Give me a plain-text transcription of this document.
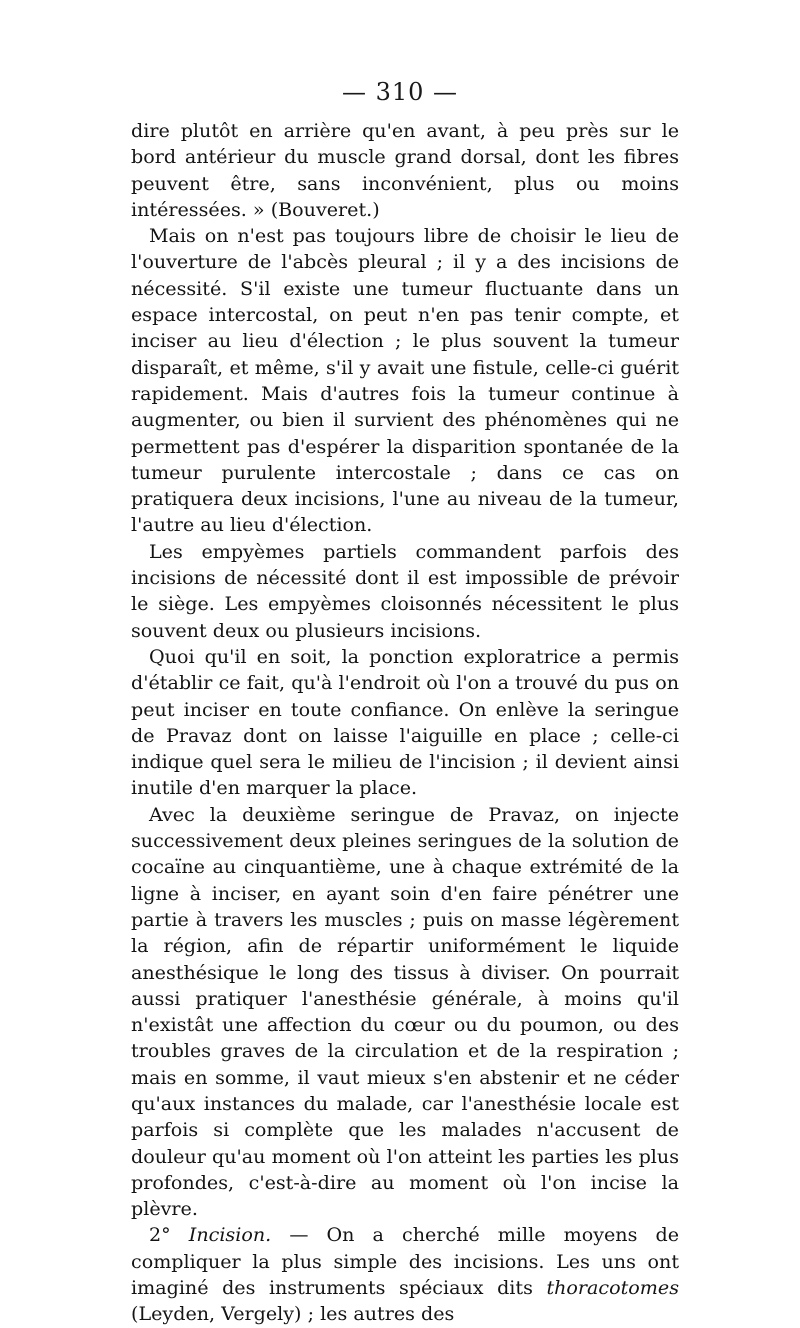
— 310 —

dire plutôt en arrière qu'en avant, à peu près sur le bord antérieur du muscle grand dorsal, dont les fibres peuvent être, sans inconvénient, plus ou moins intéressées. » (Bouveret.)

Mais on n'est pas toujours libre de choisir le lieu de l'ouverture de l'abcès pleural ; il y a des incisions de nécessité. S'il existe une tumeur fluctuante dans un espace intercostal, on peut n'en pas tenir compte, et inciser au lieu d'élection ; le plus souvent la tumeur disparaît, et même, s'il y avait une fistule, celle-ci guérit rapidement. Mais d'autres fois la tumeur continue à augmenter, ou bien il survient des phénomènes qui ne permettent pas d'espérer la disparition spontanée de la tumeur purulente intercostale ; dans ce cas on pratiquera deux incisions, l'une au niveau de la tumeur, l'autre au lieu d'élection.

Les empyèmes partiels commandent parfois des incisions de nécessité dont il est impossible de prévoir le siège. Les empyèmes cloisonnés nécessitent le plus souvent deux ou plusieurs incisions.

Quoi qu'il en soit, la ponction exploratrice a permis d'établir ce fait, qu'à l'endroit où l'on a trouvé du pus on peut inciser en toute confiance. On enlève la seringue de Pravaz dont on laisse l'aiguille en place ; celle-ci indique quel sera le milieu de l'incision ; il devient ainsi inutile d'en marquer la place.

Avec la deuxième seringue de Pravaz, on injecte successivement deux pleines seringues de la solution de cocaïne au cinquantième, une à chaque extrémité de la ligne à inciser, en ayant soin d'en faire pénétrer une partie à travers les muscles ; puis on masse légèrement la région, afin de répartir uniformément le liquide anesthésique le long des tissus à diviser. On pourrait aussi pratiquer l'anesthésie générale, à moins qu'il n'existât une affection du cœur ou du poumon, ou des troubles graves de la circulation et de la respiration ; mais en somme, il vaut mieux s'en abstenir et ne céder qu'aux instances du malade, car l'anesthésie locale est parfois si complète que les malades n'accusent de douleur qu'au moment où l'on atteint les parties les plus profondes, c'est-à-dire au moment où l'on incise la plèvre.

2° Incision. — On a cherché mille moyens de compliquer la plus simple des incisions. Les uns ont imaginé des instruments spéciaux dits thoracotomes (Leyden, Vergely) ; les autres des
